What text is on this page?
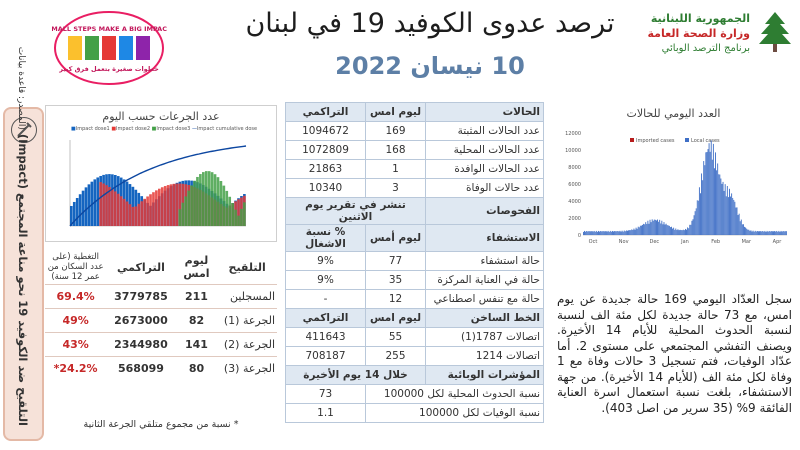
ترصد عدوى الكوفيد 19 في لبنان
10 نيسان 2022
الجمهورية اللبنانية
وزارة الصحة العامة
برنامج الترصد الوبائي
SMALL STEPS MAKE A BIG IMPACT
خطوات صغيرة بتعمل فرق كبير
التلقيح ضد الكوفيد 19 نحو مناعة المجتمع (Impact) (المصدر: قاعدة بيانات	عدد الجرعات حسب اليوم
■Impact dose1 ■Impact dose2 ■Impact dose3 —Impact cumulative dose
التلقيح	ليوم امس	التراكمي	التغطية (على عدد السكان من عمر 12 سنة)
المسجلين	211	3779785	69.4%
الجرعة (1)	82	2673000	49%
الجرعة (2)	141	2344980	43%
الجرعة (3)	80	568099	24.2%*
* نسبة من مجموع متلقي الجرعة الثانية
الحالات	ليوم امس	التراكمي
عدد الحالات المثبتة	169	1094672
عدد الحالات المحلية	168	1072809
عدد الحالات الوافدة	1	21863
عدد حالات الوفاة	3	10340
الفحوصات	تنشر في تقرير يوم الاثنين	
الاستشفاء	ليوم أمس	% نسبة الاشغال
حالة استشفاء	77	9%
حالة في العناية المركزة	35	9%
حالة مع تنفس اصطناعي	12	-
الخط الساخن	ليوم امس	التراكمي
اتصالات 1787(1)	55	411643
اتصالات 1214	255	708187
المؤشرات الوبائية	خلال 14 يوم الأخيرة	
نسبة الحدوث المحلية لكل 100000		73
نسبة الوفيات لكل 100000		1.1
العدد اليومي للحالات
0
2000
4000
6000
8000
10000
12000
Oct	Nov	Dec	Jan	Feb	Mar	Apr
Imported cases	Local cases
سجل العدّاد اليومي 169 حالة جديدة عن يوم امس، مع 73 حالة جديدة لكل مئة الف لنسبة لنسبة الحدوث المحلية للأيام 14 الأخيرة. ويصنف التفشي المجتمعي على مستوى 2. أما عدّاد الوفيات، فتم تسجيل 3 حالات وفاة مع 1 وفاة لكل مئة الف (للأيام 14 الأخيرة). من جهة الاستشفاء، بلغت نسبة استعمال اسرة العناية الفائقة 9% (35 سرير من اصل 403).
